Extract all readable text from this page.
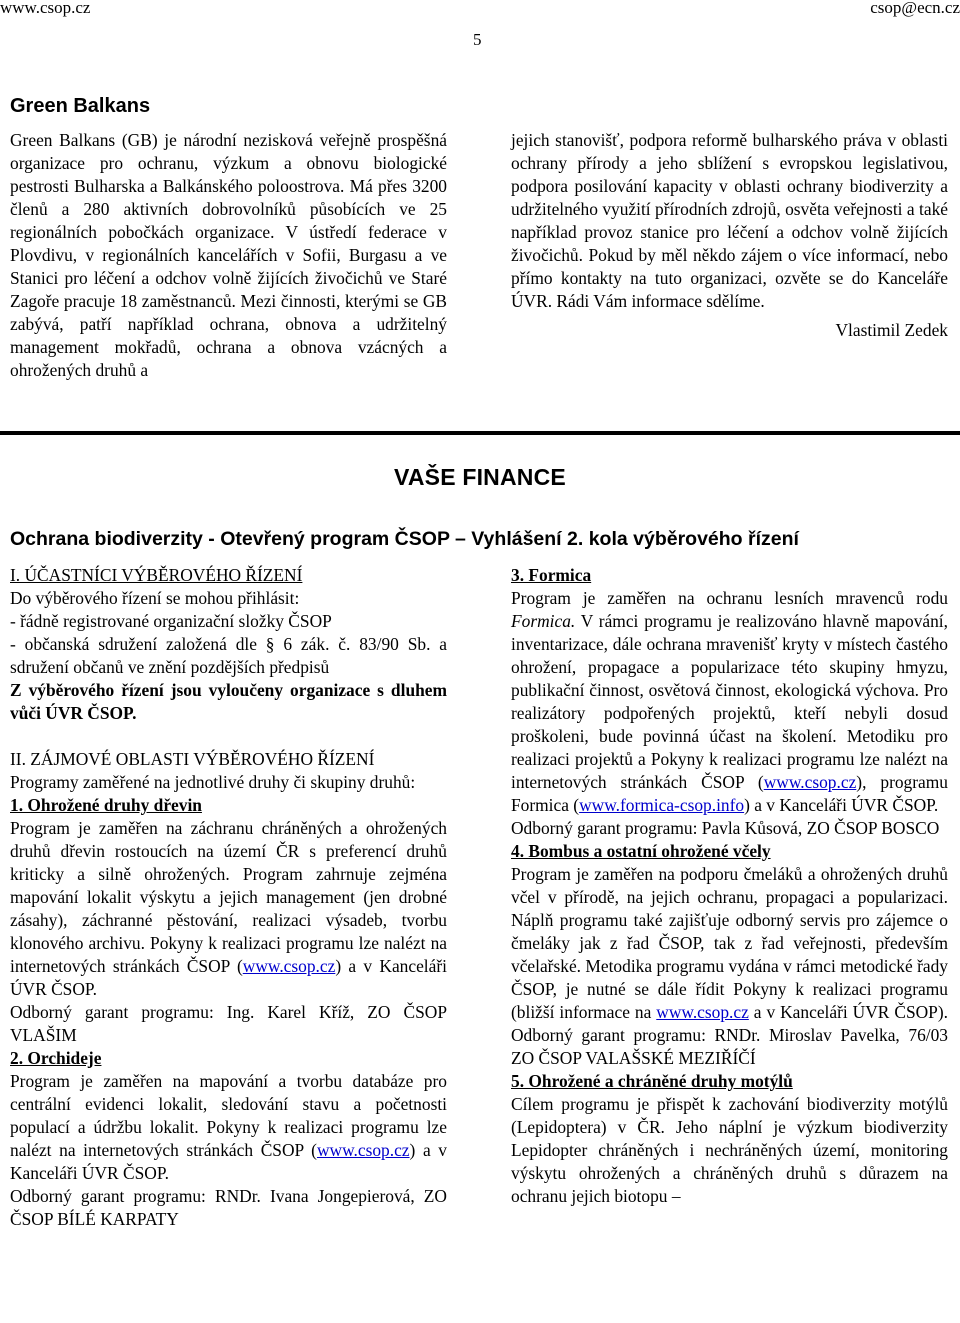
www.csop.cz	csop@ecn.cz
5
Green Balkans

Green Balkans (GB) je národní nezisková veřejně prospěšná organizace pro ochranu, výzkum a obnovu biologické pestrosti Bulharska a Balkánského poloostrova. Má přes 3200 členů a 280 aktivních dobrovolníků působících ve 25 regionálních pobočkách organizace. V ústředí federace v Plovdivu, v regionálních kancelářích v Sofii, Burgasu a ve Stanici pro léčení a odchov volně žijících živočichů ve Staré Zagoře pracuje 18 zaměstnanců. Mezi činnosti, kterými se GB zabývá, patří například ochrana, obnova a udržitelný management mokřadů, ochrana a obnova vzácných a ohrožených druhů a

jejich stanovišť, podpora reformě bulharského práva v oblasti ochrany přírody a jeho sblížení s evropskou legislativou, podpora posilování kapacity v oblasti ochrany biodiverzity a udržitelného využití přírodních zdrojů, osvěta veřejnosti a také například provoz stanice pro léčení a odchov volně žijících živočichů. Pokud by měl někdo zájem o více informací, nebo přímo kontakty na tuto organizaci, ozvěte se do Kanceláře ÚVR. Rádi Vám informace sdělíme.

Vlastimil Zedek

VAŠE FINANCE
Ochrana biodiverzity - Otevřený program ČSOP – Vyhlášení 2. kola výběrového řízení

I. ÚČASTNÍCI VÝBĚROVÉHO ŘÍZENÍ

Do výběrového řízení se mohou přihlásit:

- řádně registrované organizační složky ČSOP

- občanská sdružení založená dle § 6 zák. č. 83/90 Sb. a sdružení občanů ve znění pozdějších předpisů

Z výběrového řízení jsou vyloučeny organizace s dluhem vůči ÚVR ČSOP.

II. ZÁJMOVÉ OBLASTI VÝBĚROVÉHO ŘÍZENÍ

Programy zaměřené na jednotlivé druhy či skupiny druhů:

1. Ohrožené druhy dřevin

Program je zaměřen na záchranu chráněných a ohrožených druhů dřevin rostoucích na území ČR s preferencí druhů kriticky a silně ohrožených. Program zahrnuje zejména mapování lokalit výskytu a jejich management (jen drobné zásahy), záchranné pěstování, realizaci výsadeb, tvorbu klonového archivu. Pokyny k realizaci programu lze nalézt na internetových stránkách ČSOP (www.csop.cz) a v Kanceláři ÚVR ČSOP.

Odborný garant programu: Ing. Karel Kříž, ZO ČSOP VLAŠIM

2. Orchideje

Program je zaměřen na mapování a tvorbu databáze pro centrální evidenci lokalit, sledování stavu a početnosti populací a údržbu lokalit. Pokyny k realizaci programu lze nalézt na internetových stránkách ČSOP (www.csop.cz) a v Kanceláři ÚVR ČSOP.

Odborný garant programu: RNDr. Ivana Jongepierová, ZO ČSOP BÍLÉ KARPATY

3. Formica

Program je zaměřen na ochranu lesních mravenců rodu Formica. V rámci programu je realizováno hlavně mapování, inventarizace, dále ochrana mravenišť kryty v místech častého ohrožení, propagace a popularizace této skupiny hmyzu, publikační činnost, osvětová činnost, ekologická výchova. Pro realizátory podpořených projektů, kteří nebyli dosud proškoleni, bude povinná účast na školení. Metodiku pro realizaci projektů a Pokyny k realizaci programu lze nalézt na internetových stránkách ČSOP (www.csop.cz), programu Formica (www.formica-csop.info) a v Kanceláři ÚVR ČSOP.

Odborný garant programu: Pavla Kůsová, ZO ČSOP BOSCO

4. Bombus a ostatní ohrožené včely

Program je zaměřen na podporu čmeláků a ohrožených druhů včel v přírodě, na jejich ochranu, propagaci a popularizaci. Náplň programu také zajišťuje odborný servis pro zájemce o čmeláky jak z řad ČSOP, tak z řad veřejnosti, především včelařské. Metodika programu vydána v rámci metodické řady ČSOP, je nutné se dále řídit Pokyny k realizaci programu (bližší informace na www.csop.cz a v Kanceláři ÚVR ČSOP). Odborný garant programu: RNDr. Miroslav Pavelka, 76/03 ZO ČSOP VALAŠSKÉ MEZIŘÍČÍ

5. Ohrožené a chráněné druhy motýlů

Cílem programu je přispět k zachování biodiverzity motýlů (Lepidoptera) v ČR. Jeho náplní je výzkum biodiverzity Lepidopter chráněných i nechráněných území, monitoring výskytu ohrožených a chráněných druhů s důrazem na ochranu jejich biotopu –
